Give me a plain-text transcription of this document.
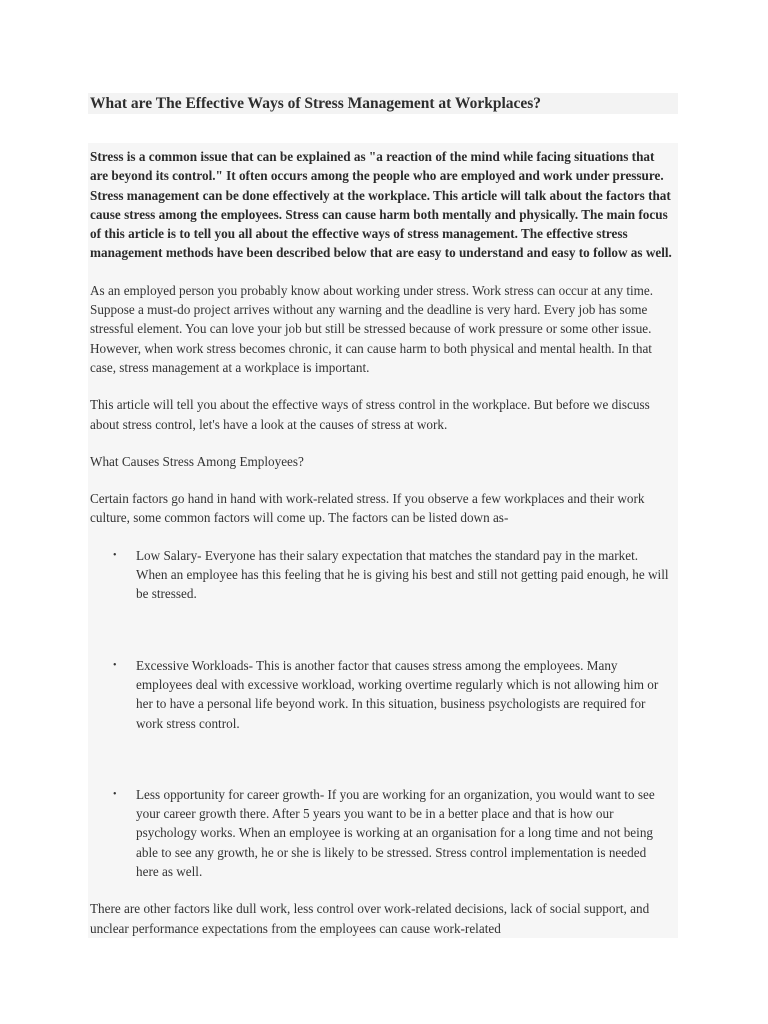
What are The Effective Ways of Stress Management at Workplaces?

Stress is a common issue that can be explained as "a reaction of the mind while facing situations that are beyond its control." It often occurs among the people who are employed and work under pressure. Stress management can be done effectively at the workplace. This article will talk about the factors that cause stress among the employees. Stress can cause harm both mentally and physically. The main focus of this article is to tell you all about the effective ways of stress management. The effective stress management methods have been described below that are easy to understand and easy to follow as well.

As an employed person you probably know about working under stress. Work stress can occur at any time. Suppose a must-do project arrives without any warning and the deadline is very hard. Every job has some stressful element. You can love your job but still be stressed because of work pressure or some other issue. However, when work stress becomes chronic, it can cause harm to both physical and mental health. In that case, stress management at a workplace is important.

This article will tell you about the effective ways of stress control in the workplace. But before we discuss about stress control, let's have a look at the causes of stress at work.

What Causes Stress Among Employees?

Certain factors go hand in hand with work-related stress. If you observe a few workplaces and their work culture, some common factors will come up. The factors can be listed down as-

• Low Salary- Everyone has their salary expectation that matches the standard pay in the market. When an employee has this feeling that he is giving his best and still not getting paid enough, he will be stressed.
• Excessive Workloads- This is another factor that causes stress among the employees. Many employees deal with excessive workload, working overtime regularly which is not allowing him or her to have a personal life beyond work. In this situation, business psychologists are required for work stress control.
• Less opportunity for career growth- If you are working for an organization, you would want to see your career growth there. After 5 years you want to be in a better place and that is how our psychology works. When an employee is working at an organisation for a long time and not being able to see any growth, he or she is likely to be stressed. Stress control implementation is needed here as well.

There are other factors like dull work, less control over work-related decisions, lack of social support, and unclear performance expectations from the employees can cause work-related
